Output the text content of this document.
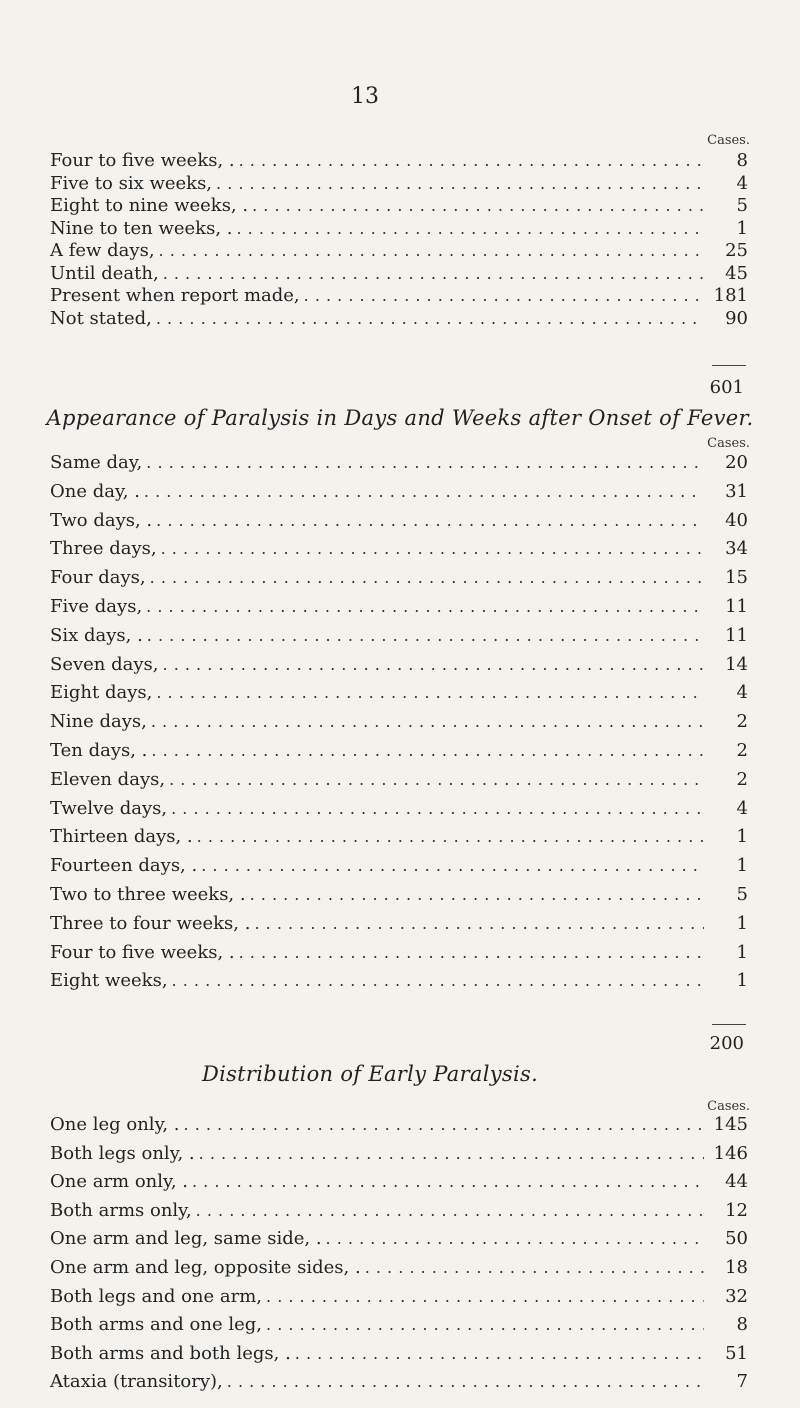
13
Cases.
Four to five weeks, . . . .	8
Five to six weeks, . . .	4
Eight to nine weeks, . . . .	5
Nine to ten weeks, . . . .	1
A few days, . . .	25
Until death, . . .	45
Present when report made, . . .	181
Not stated, . . .	90
601
Appearance of Paralysis in Days and Weeks after Onset of Fever.
Cases.
Same day, . . .	20
One day, . . . .	31
Two days, . . . .	40
Three days, . . .	34
Four days, . . .	15
Five days, . . .	11
Six days, . . . .	11
Seven days, . . .	14
Eight days, . . .	4
Nine days, . . .	2
Ten days, . . . .	2
Eleven days, . . .	2
Twelve days, . . .	4
Thirteen days, . . . .	1
Fourteen days, . . . .	1
Two to three weeks, . . . .	5
Three to four weeks, . . . .	1
Four to five weeks, . . . .	1
Eight weeks, . . .	1
200
Distribution of Early Paralysis.
Cases.
One leg only, . . . .	145
Both legs only, . . . .	146
One arm only, . . . .	44
Both arms only, . . .	12
One arm and leg, same side, . . . .	50
One arm and leg, opposite sides, . . . .	18
Both legs and one arm, . . .	32
Both arms and one leg, . . .	8
Both arms and both legs, . . . .	51
Ataxia (transitory), . . .	7
